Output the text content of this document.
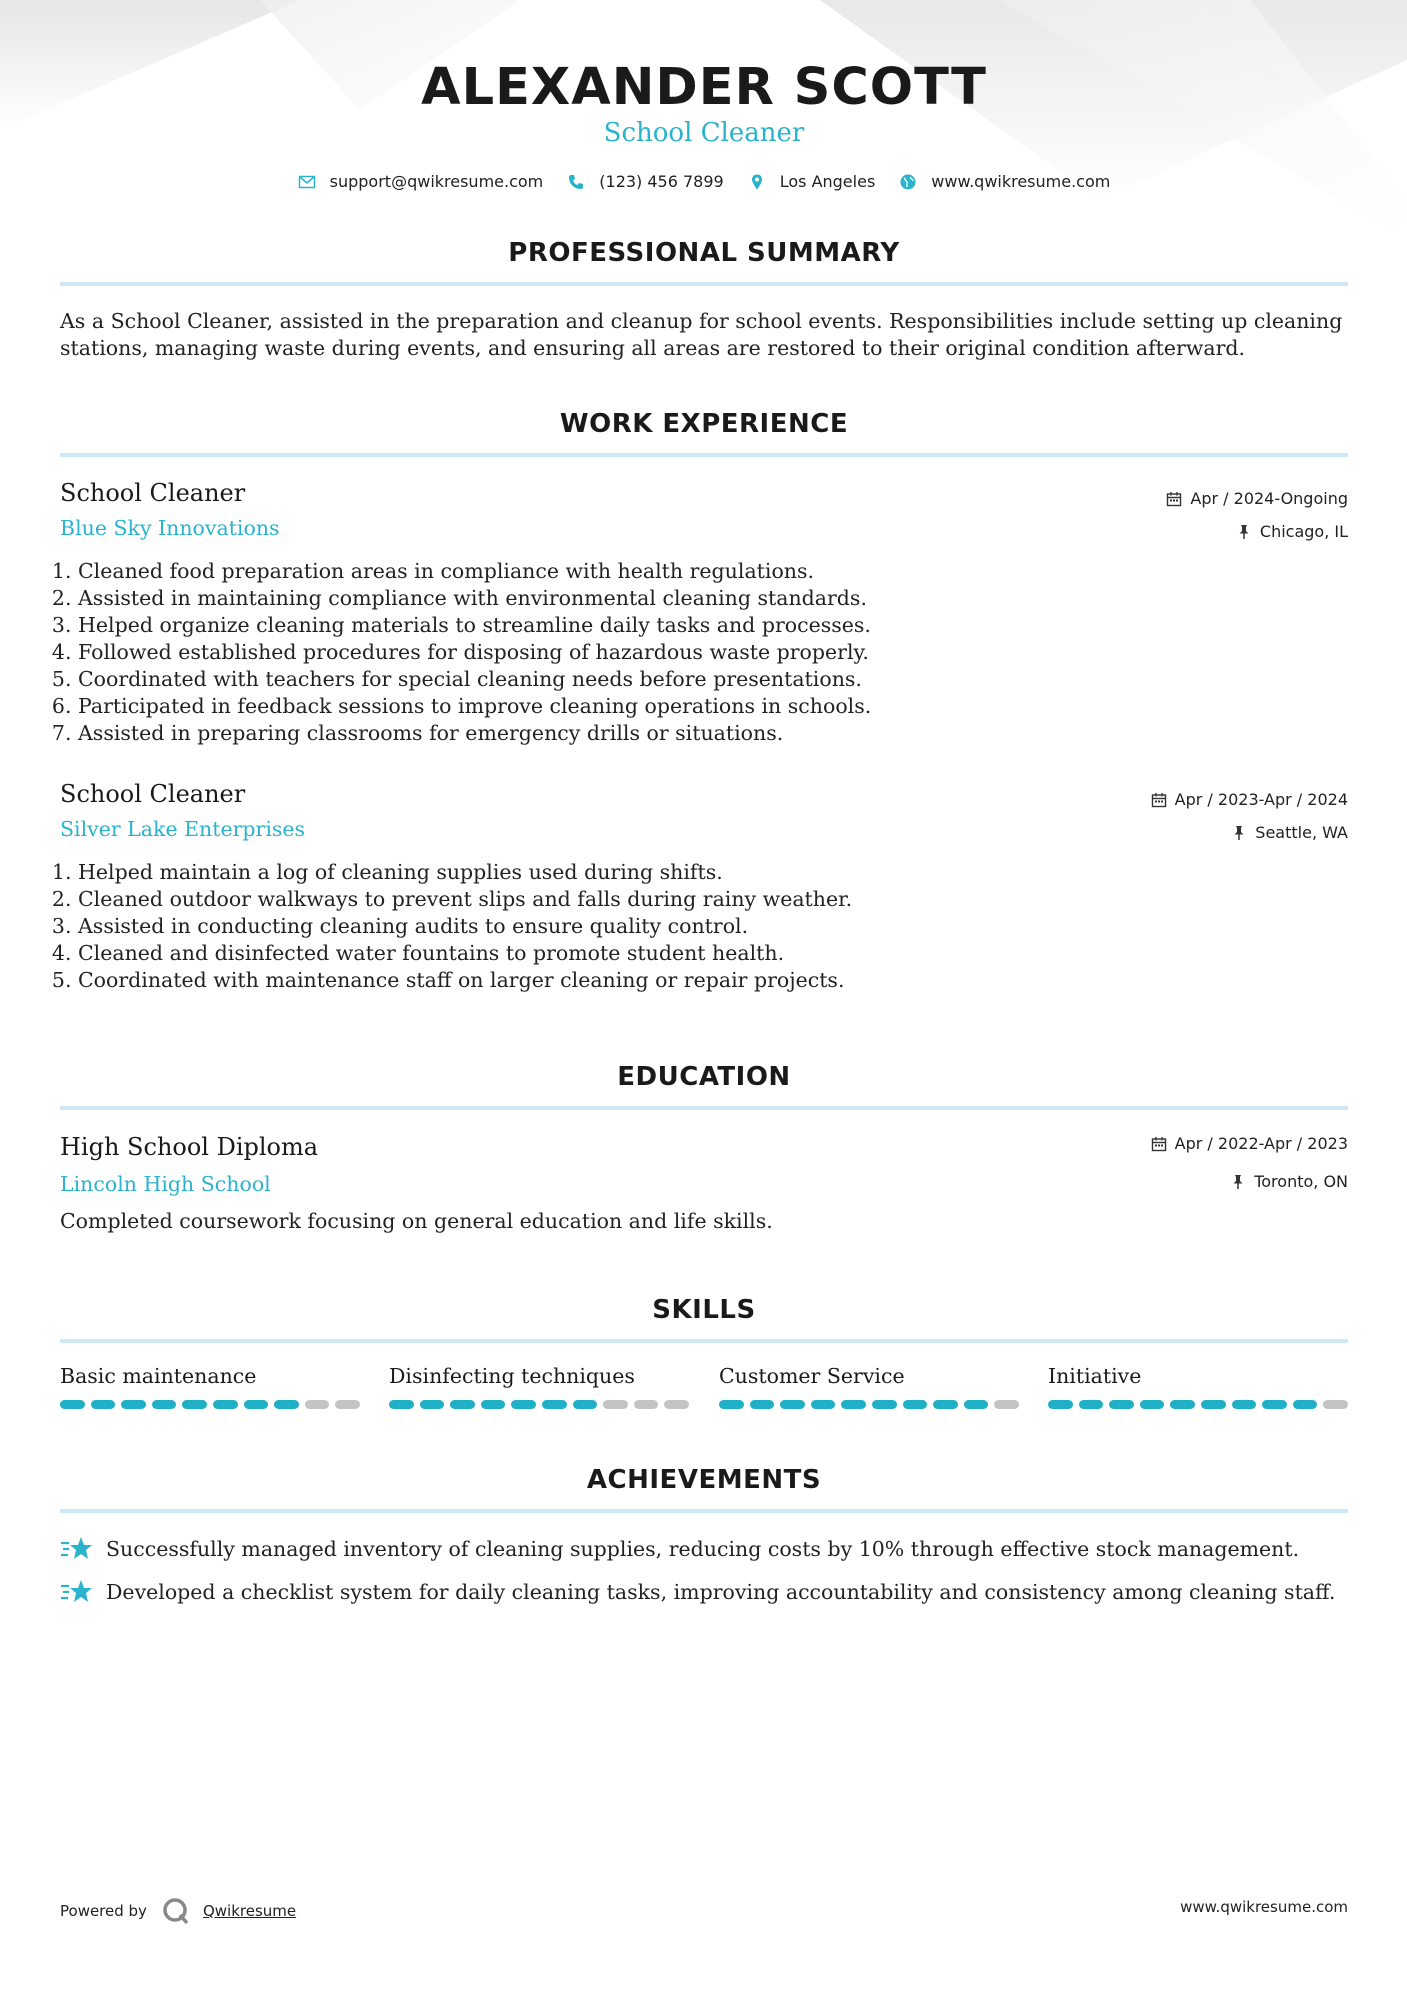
ALEXANDER SCOTT
School Cleaner
support@qwikresume.com	(123) 456 7899	Los Angeles	www.qwikresume.com
PROFESSIONAL SUMMARY
As a School Cleaner, assisted in the preparation and cleanup for school events. Responsibilities include setting up cleaning stations, managing waste during events, and ensuring all areas are restored to their original condition afterward.
WORK EXPERIENCE
School Cleaner
Blue Sky Innovations
Apr / 2024-Ongoing
Chicago, IL
1. Cleaned food preparation areas in compliance with health regulations.
2. Assisted in maintaining compliance with environmental cleaning standards.
3. Helped organize cleaning materials to streamline daily tasks and processes.
4. Followed established procedures for disposing of hazardous waste properly.
5. Coordinated with teachers for special cleaning needs before presentations.
6. Participated in feedback sessions to improve cleaning operations in schools.
7. Assisted in preparing classrooms for emergency drills or situations.
School Cleaner
Silver Lake Enterprises
Apr / 2023-Apr / 2024
Seattle, WA
1. Helped maintain a log of cleaning supplies used during shifts.
2. Cleaned outdoor walkways to prevent slips and falls during rainy weather.
3. Assisted in conducting cleaning audits to ensure quality control.
4. Cleaned and disinfected water fountains to promote student health.
5. Coordinated with maintenance staff on larger cleaning or repair projects.
EDUCATION
High School Diploma
Lincoln High School
Apr / 2022-Apr / 2023
Toronto, ON
Completed coursework focusing on general education and life skills.
SKILLS
Basic maintenance	Disinfecting techniques	Customer Service	Initiative
ACHIEVEMENTS
Successfully managed inventory of cleaning supplies, reducing costs by 10% through effective stock management.
Developed a checklist system for daily cleaning tasks, improving accountability and consistency among cleaning staff.
Powered by	Qwikresume	www.qwikresume.com
